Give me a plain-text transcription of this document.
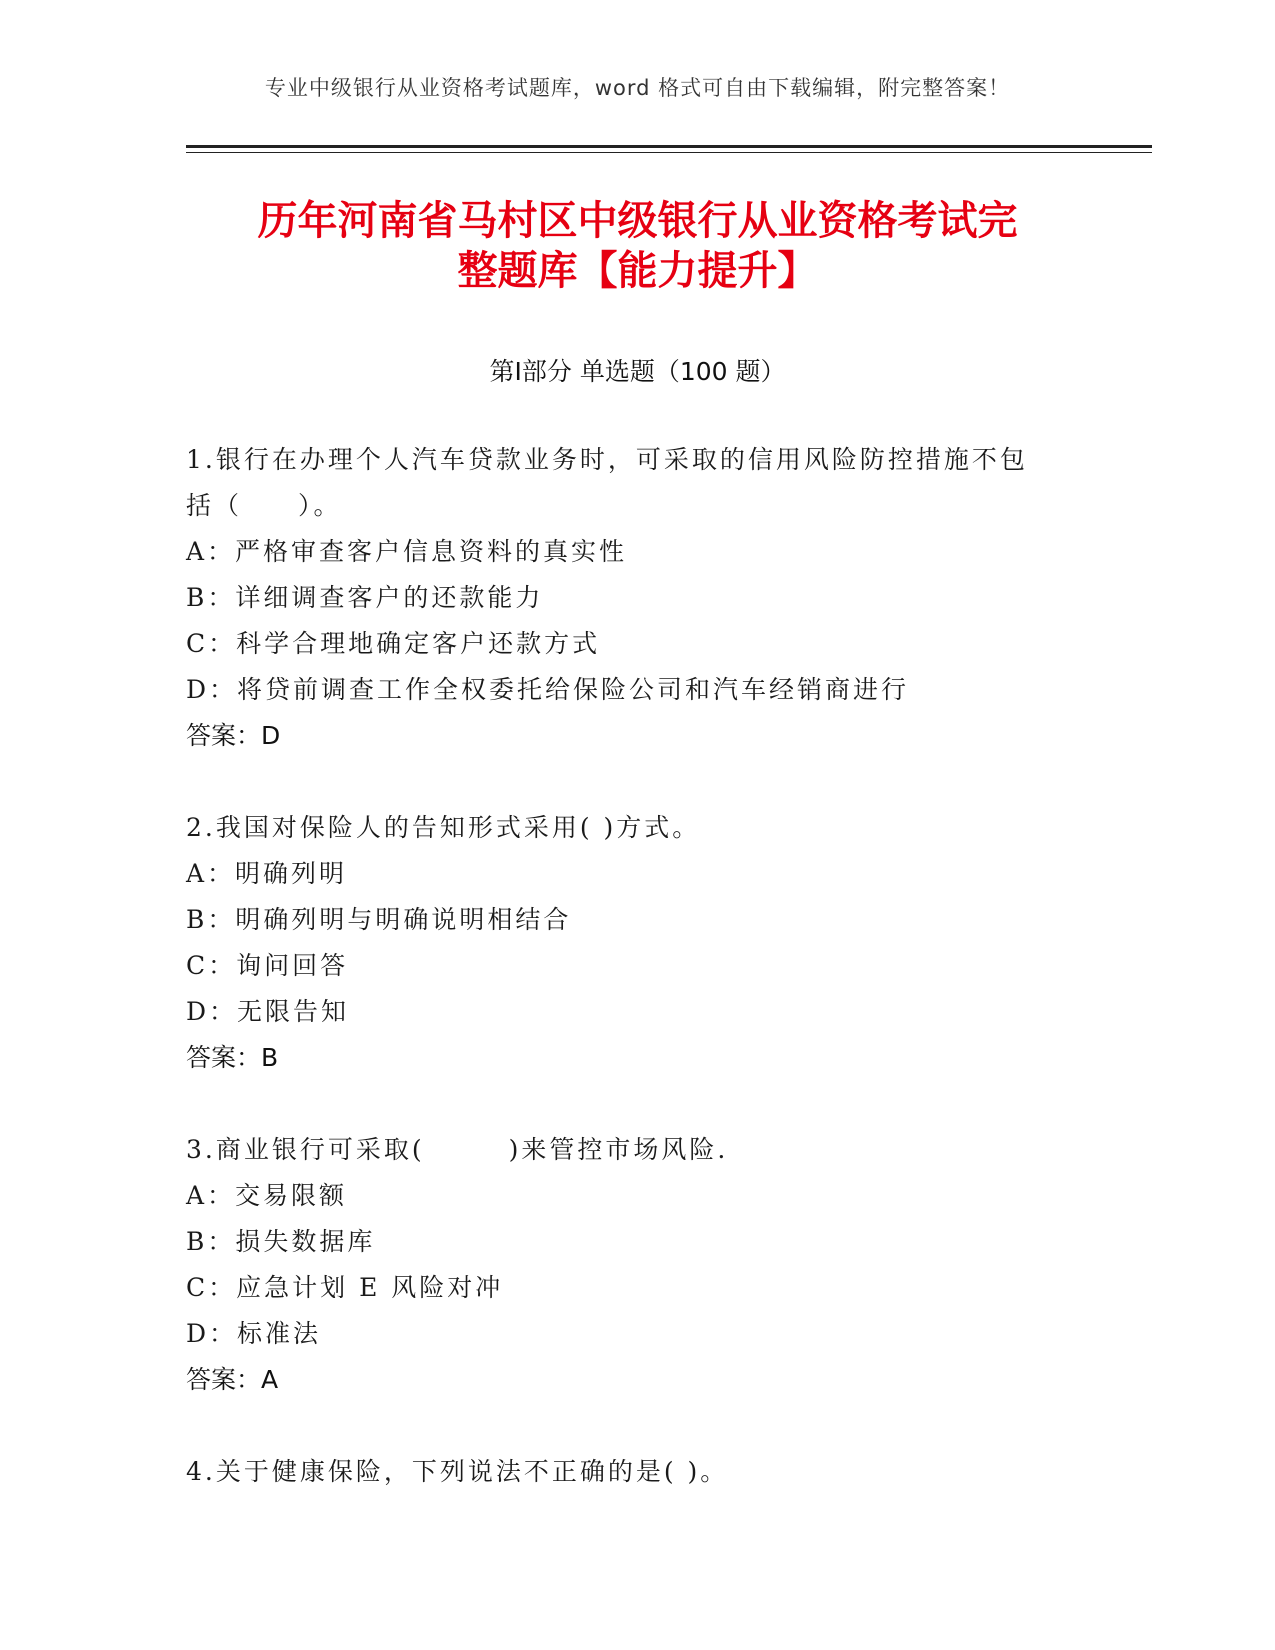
专业中级银行从业资格考试题库，word 格式可自由下载编辑，附完整答案！
历年河南省马村区中级银行从业资格考试完
整题库【能力提升】
第Ⅰ部分 单选题（100 题）
1.银行在办理个人汽车贷款业务时，可采取的信用风险防控措施不包
括（　　）。
A：严格审查客户信息资料的真实性
B：详细调查客户的还款能力
C：科学合理地确定客户还款方式
D：将贷前调查工作全权委托给保险公司和汽车经销商进行
答案：D
2.我国对保险人的告知形式采用( )方式。
A：明确列明
B：明确列明与明确说明相结合
C：询问回答
D：无限告知
答案：B
3.商业银行可采取(　　　)来管控市场风险.
A：交易限额
B：损失数据库
C：应急计划 E 风险对冲
D：标准法
答案：A
4.关于健康保险，下列说法不正确的是( )。
